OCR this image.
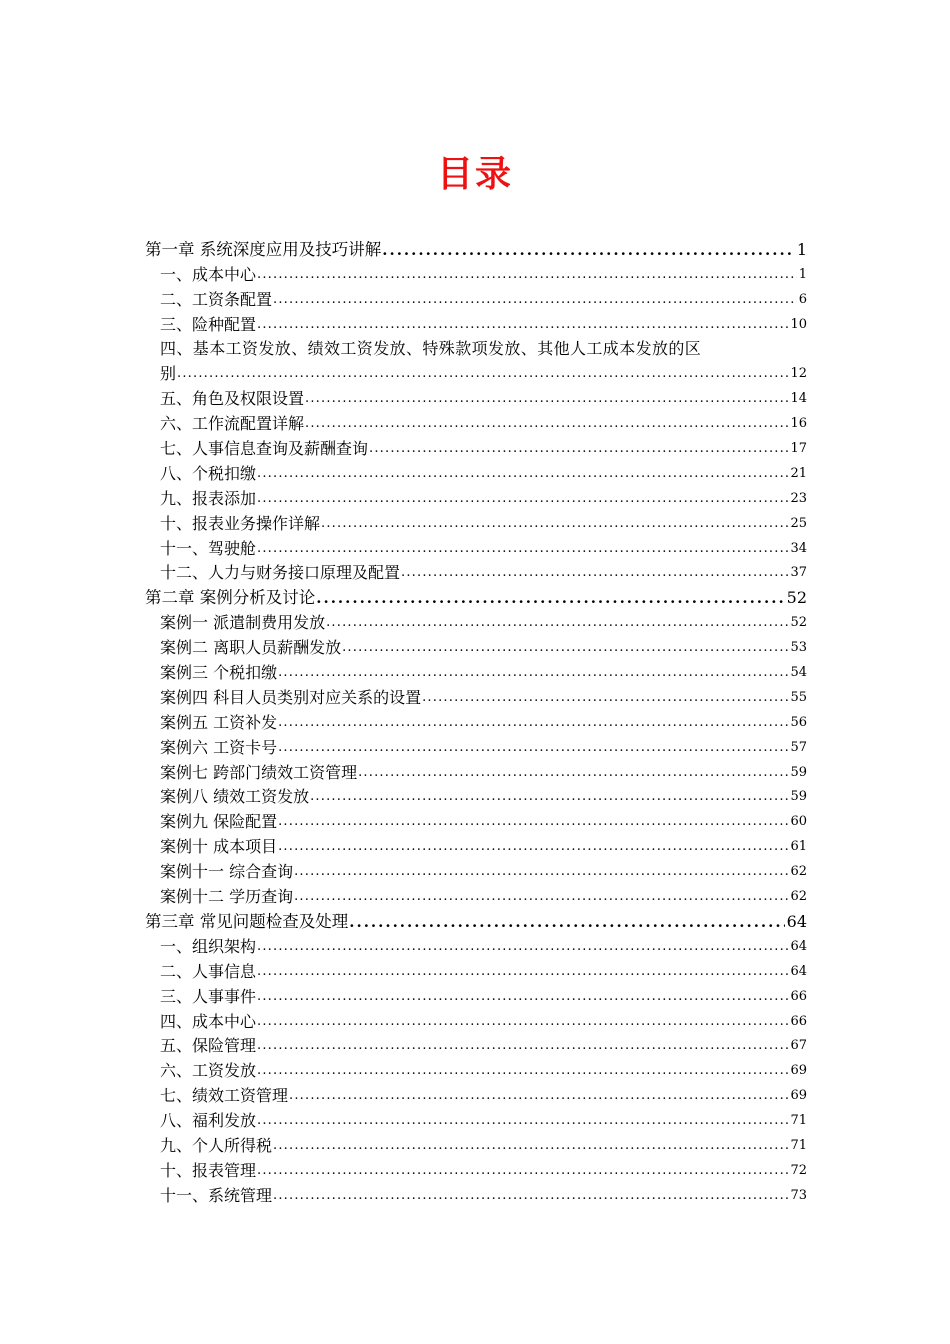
目录
第一章 系统深度应用及技巧讲解 .....	1
一、成本中心 .....	1
二、工资条配置 .....	6
三、险种配置 .....	10
四、基本工资发放、绩效工资发放、特殊款项发放、其他人工成本发放的区
别 .....	12
五、角色及权限设置 .....	14
六、工作流配置详解 .....	16
七、人事信息查询及薪酬查询 .....	17
八、个税扣缴 .....	21
九、报表添加 .....	23
十、报表业务操作详解 .....	25
十一、驾驶舱 .....	34
十二、人力与财务接口原理及配置 .....	37
第二章 案例分析及讨论 .....	52
案例一 派遣制费用发放 .....	52
案例二 离职人员薪酬发放 .....	53
案例三 个税扣缴 .....	54
案例四 科目人员类别对应关系的设置 .....	55
案例五 工资补发 .....	56
案例六 工资卡号 .....	57
案例七 跨部门绩效工资管理 .....	59
案例八 绩效工资发放 .....	59
案例九 保险配置 .....	60
案例十 成本项目 .....	61
案例十一 综合查询 .....	62
案例十二 学历查询 .....	62
第三章 常见问题检查及处理 .....	64
一、组织架构 .....	64
二、人事信息 .....	64
三、人事事件 .....	66
四、成本中心 .....	66
五、保险管理 .....	67
六、工资发放 .....	69
七、绩效工资管理 .....	69
八、福利发放 .....	71
九、个人所得税 .....	71
十、报表管理 .....	72
十一、系统管理 .....	73
